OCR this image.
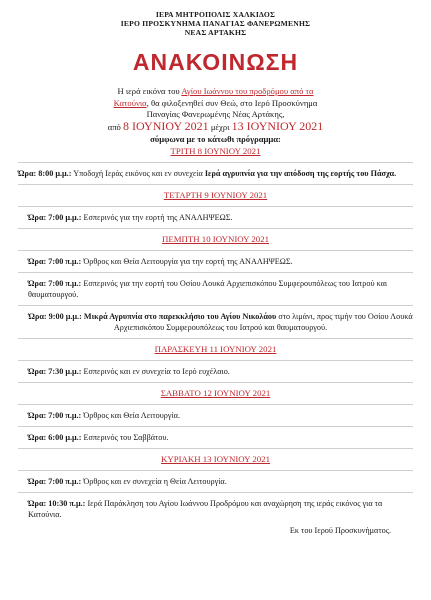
ΙΕΡΑ ΜΗΤΡΟΠΟΛΙΣ ΧΑΛΚΙΔΟΣ
ΙΕΡΟ ΠΡΟΣΚΥΝΗΜΑ ΠΑΝΑΓΙΑΣ ΦΑΝΕΡΩΜΕΝΗΣ
ΝΕΑΣ ΑΡΤΑΚΗΣ
ΑΝΑΚΟΙΝΩΣΗ
Η ιερά εικόνα του Αγίου Ιωάννου του προδρόμου από τα
Κατούνια, θα φιλοξενηθεί συν Θεώ, στο Ιερό Προσκύνημα
Παναγίας Φανερωμένης Νέας Αρτάκης,
από 8 ΙΟΥΝΙΟΥ 2021 μέχρι 13 ΙΟΥΝΙΟΥ 2021
σύμφωνα με το κάτωθι πρόγραμμα:
ΤΡΙΤΗ 8 ΙΟΥΝΙΟΥ 2021
Ώρα: 8:00 μ.μ.: Υποδοχή Ιεράς εικόνος και εν συνεχεία Ιερά αγρυπνία για την απόδοση της εορτής του Πάσχα.
ΤΕΤΑΡΤΗ 9 ΙΟΥΝΙΟΥ 2021
Ώρα: 7:00 μ.μ.: Εσπερινός για την εορτή της ΑΝΑΛΗΨΕΩΣ.
ΠΕΜΠΤΗ 10 ΙΟΥΝΙΟΥ 2021
Ώρα: 7:00 π.μ.: Όρθρος και Θεία Λειτουργία για την εορτή της ΑΝΑΛΗΨΕΩΣ.
Ώρα: 7:00 π.μ.: Εσπερινός για την εορτή του Οσίου Λουκά Αρχιεπισκόπου Συμφερουπόλεως του Ιατρού και θαυματουργού.
Ώρα: 9:00 μ.μ.: Μικρά Αγρυπνία στο παρεκκλήσιο του Αγίου Νικολάου στο λιμάνι, προς τιμήν του Οσίου Λουκά Αρχιεπισκόπου Συμφερουπόλεως του Ιατρού και θαυματουργού.
ΠΑΡΑΣΚΕΥΗ 11 ΙΟΥΝΙΟΥ 2021
Ώρα: 7:30 μ.μ.: Εσπερινός και εν συνεχεία το Ιερό ευχέλαιο.
ΣΑΒΒΑΤΟ 12 ΙΟΥΝΙΟΥ 2021
Ώρα: 7:00 π.μ.: Όρθρος και Θεία Λειτουργία.
Ώρα: 6:00 μ.μ.: Εσπερινός του Σαββάτου.
ΚΥΡΙΑΚΗ 13 ΙΟΥΝΙΟΥ 2021
Ώρα: 7:00 π.μ.: Όρθρος και εν συνεχεία η Θεία Λειτουργία.
Ώρα: 10:30 π.μ.: Ιερά Παράκληση του Αγίου Ιωάννου Προδρόμου και αναχώρηση της ιεράς εικόνος για τα Κατούνια.
Εκ του Ιερού Προσκυνήματος.
